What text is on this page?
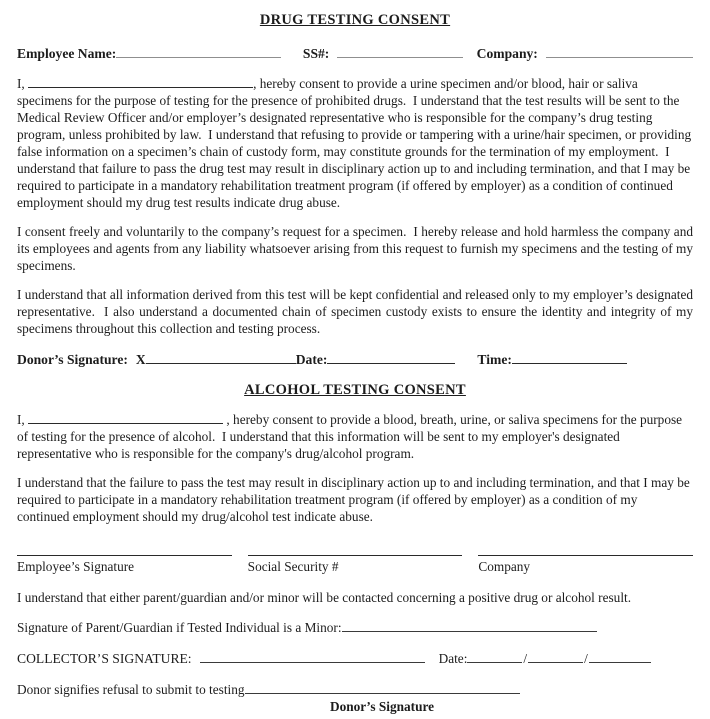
DRUG TESTING CONSENT
Employee Name:	SS#:	Company:

I,	, hereby consent to provide a urine specimen and/or blood, hair or saliva specimens for the purpose of testing for the presence of prohibited drugs.  I understand that the test results will be sent to the Medical Review Officer and/or employer’s designated representative who is responsible for the company’s drug testing program, unless prohibited by law.  I understand that refusing to provide or tampering with a urine/hair specimen, or providing false information on a specimen’s chain of custody form, may constitute grounds for the termination of my employment.  I understand that failure to pass the drug test may result in disciplinary action up to and including termination, and that I may be required to participate in a mandatory rehabilitation treatment program (if offered by employer) as a condition of continued employment should my drug test results indicate drug abuse.

I consent freely and voluntarily to the company’s request for a specimen.  I hereby release and hold harmless the company and its employees and agents from any liability whatsoever arising from this request to furnish my specimens and the testing of my specimens.

I understand that all information derived from this test will be kept confidential and released only to my employer’s designated representative.  I also understand a documented chain of specimen custody exists to ensure the identity and integrity of my specimens throughout this collection and testing process.

Donor’s Signature: X	Date:	Time:
ALCOHOL TESTING CONSENT

I,	, hereby consent to provide a blood, breath, urine, or saliva specimens for the purpose of testing for the presence of alcohol.  I understand that this information will be sent to my employer's designated representative who is responsible for the company's drug/alcohol program.

I understand that the failure to pass the test may result in disciplinary action up to and including termination, and that I may be required to participate in a mandatory rehabilitation treatment program (if offered by employer) as a condition of my continued employment should my drug/alcohol test indicate abuse.

Employee’s Signature	Social Security #	Company
I understand that either parent/guardian and/or minor will be contacted concerning a positive drug or alcohol result.
Signature of Parent/Guardian if Tested Individual is a Minor:
COLLECTOR’S SIGNATURE:	Date:	/	/
Donor signifies refusal to submit to testing

Donor’s Signature
